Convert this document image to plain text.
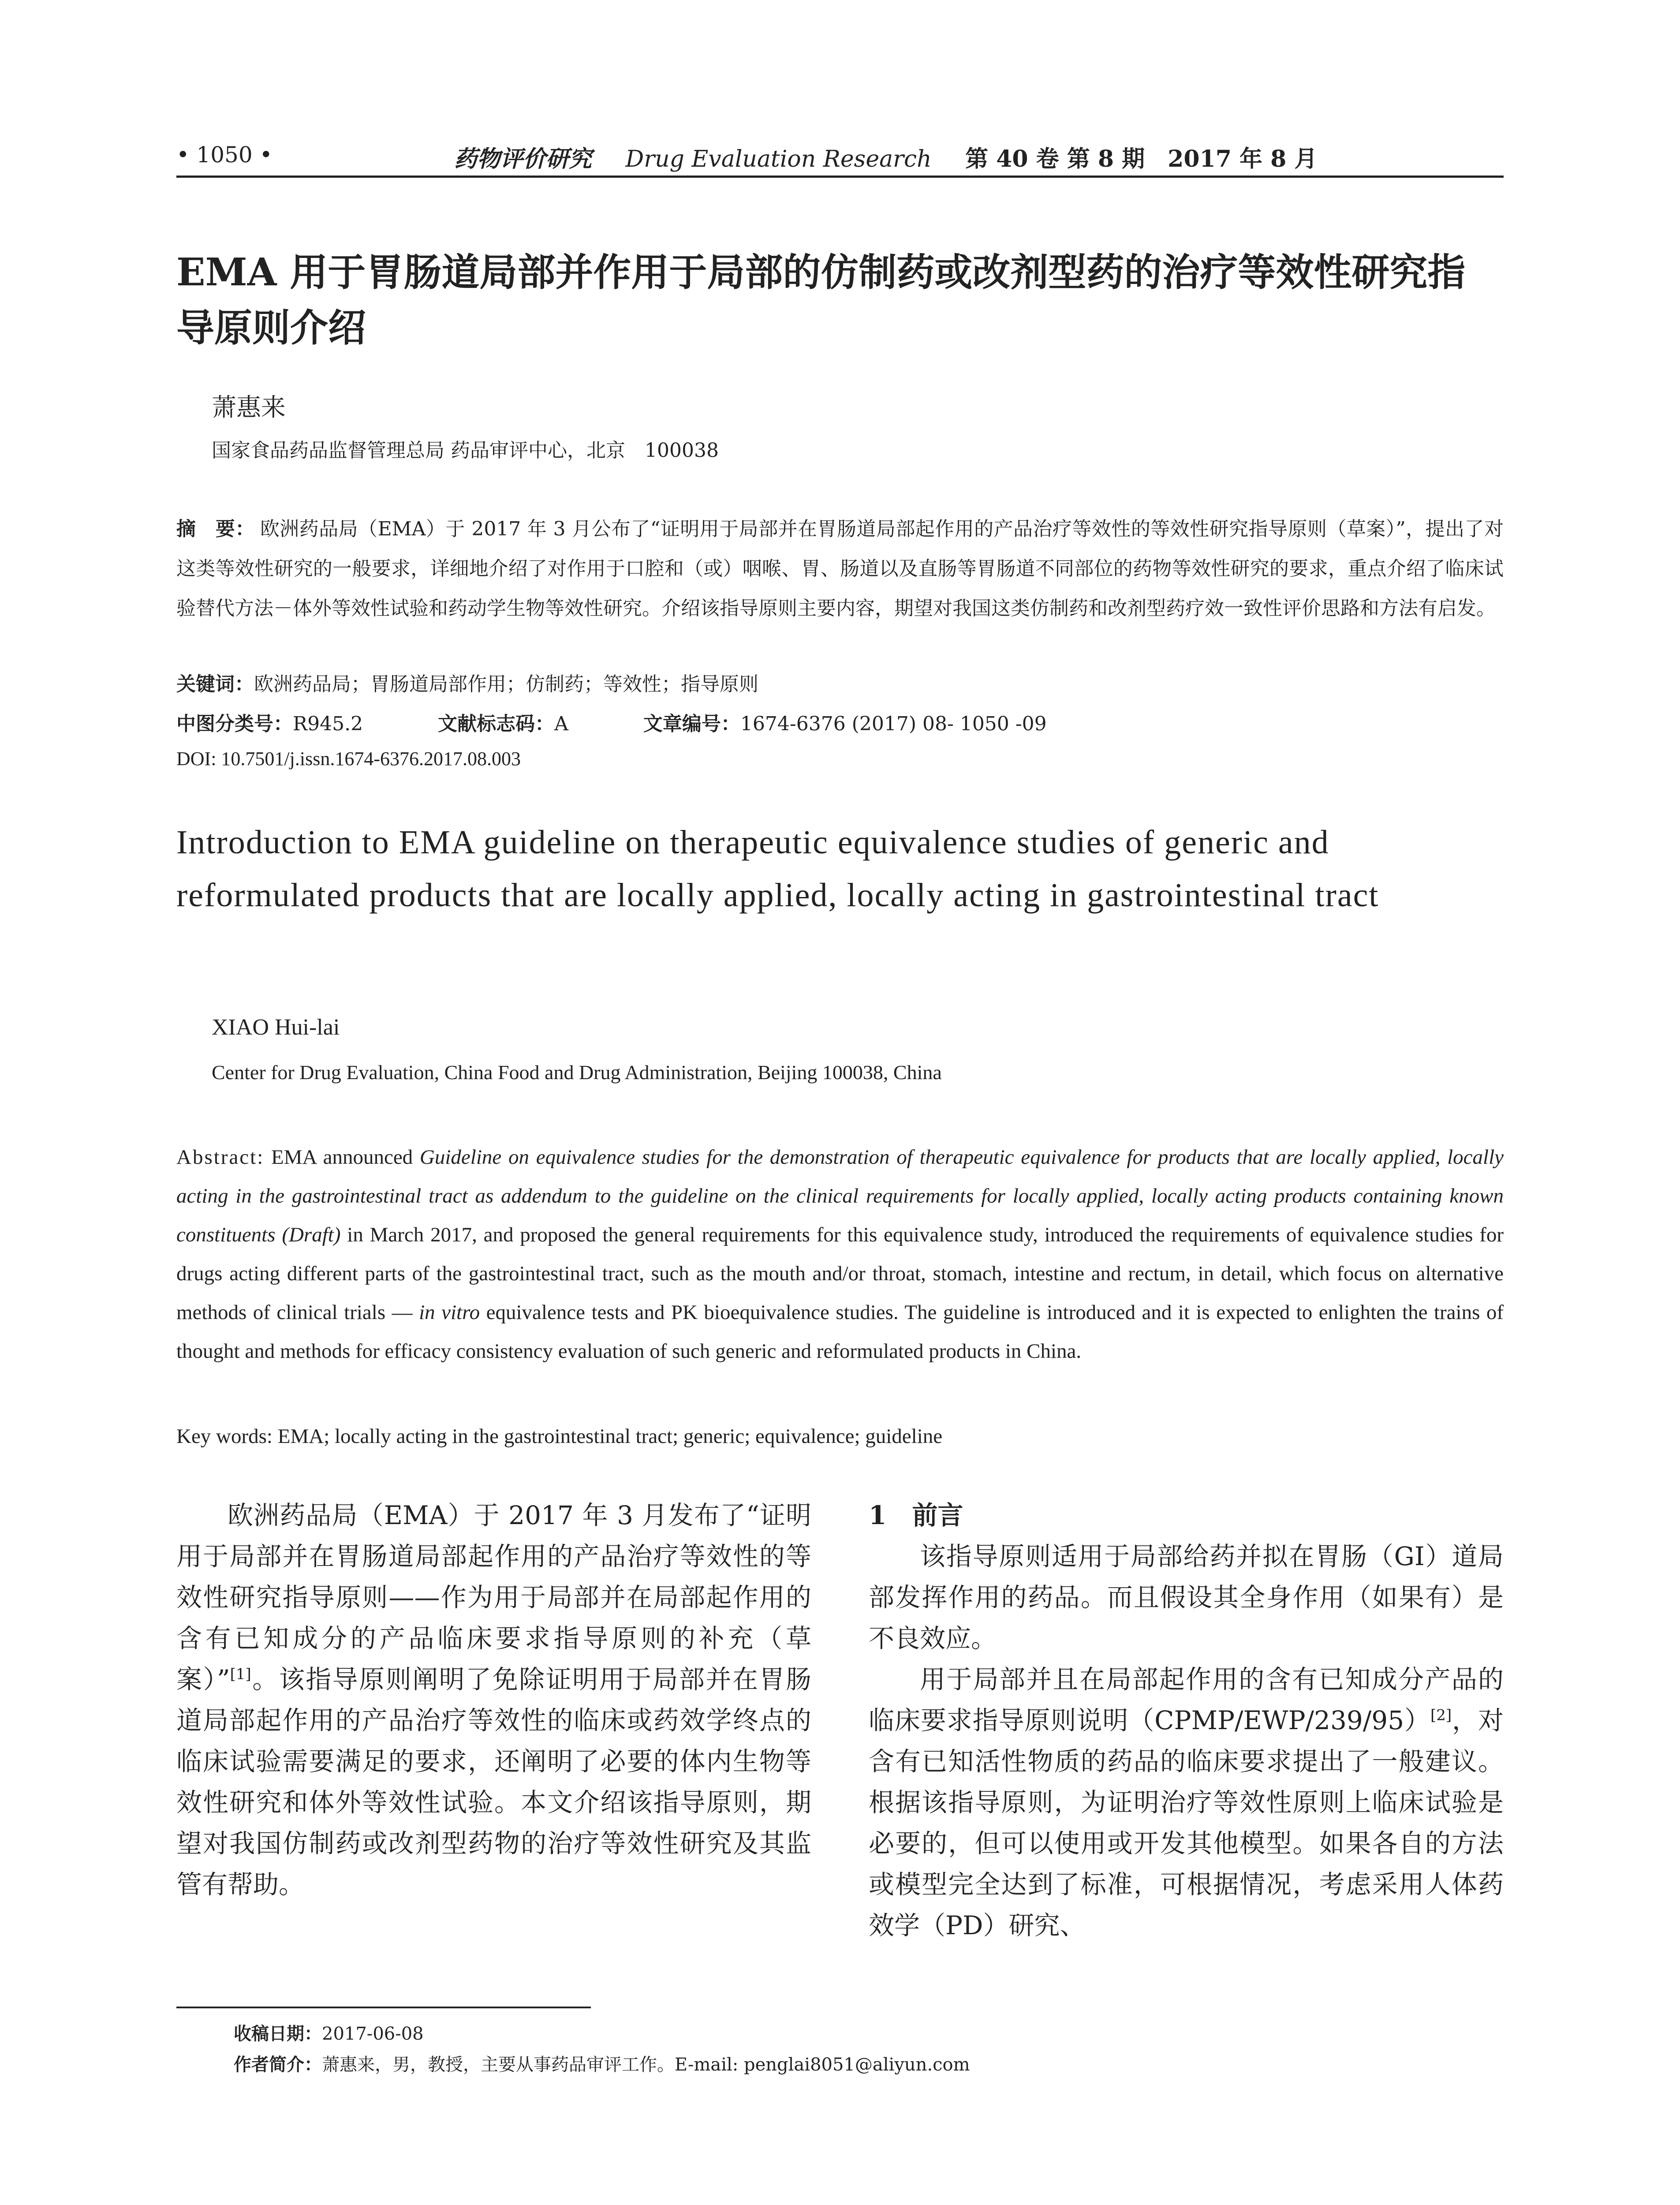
• 1050 •	药物评价研究 Drug Evaluation Research 第 40 卷 第 8 期　2017 年 8 月
EMA 用于胃肠道局部并作用于局部的仿制药或改剂型药的治疗等效性研究指导原则介绍
萧惠来
国家食品药品监督管理总局 药品审评中心，北京　100038
摘　要： 欧洲药品局（EMA）于 2017 年 3 月公布了“证明用于局部并在胃肠道局部起作用的产品治疗等效性的等效性研究指导原则（草案）”，提出了对这类等效性研究的一般要求，详细地介绍了对作用于口腔和（或）咽喉、胃、肠道以及直肠等胃肠道不同部位的药物等效性研究的要求，重点介绍了临床试验替代方法－体外等效性试验和药动学生物等效性研究。介绍该指导原则主要内容，期望对我国这类仿制药和改剂型药疗效一致性评价思路和方法有启发。
关键词：欧洲药品局；胃肠道局部作用；仿制药；等效性；指导原则
中图分类号：R945.2	文献标志码：A	文章编号：1674-6376 (2017) 08- 1050 -09
DOI: 10.7501/j.issn.1674-6376.2017.08.003
Introduction to EMA guideline on therapeutic equivalence studies of generic and reformulated products that are locally applied, locally acting in gastrointestinal tract
XIAO Hui-lai
Center for Drug Evaluation, China Food and Drug Administration, Beijing 100038, China
Abstract: EMA announced Guideline on equivalence studies for the demonstration of therapeutic equivalence for products that are locally applied, locally acting in the gastrointestinal tract as addendum to the guideline on the clinical requirements for locally applied, locally acting products containing known constituents (Draft) in March 2017, and proposed the general requirements for this equivalence study, introduced the requirements of equivalence studies for drugs acting different parts of the gastrointestinal tract, such as the mouth and/or throat, stomach, intestine and rectum, in detail, which focus on alternative methods of clinical trials — in vitro equivalence tests and PK bioequivalence studies. The guideline is introduced and it is expected to enlighten the trains of thought and methods for efficacy consistency evaluation of such generic and reformulated products in China.
Key words: EMA; locally acting in the gastrointestinal tract; generic; equivalence; guideline

欧洲药品局（EMA）于 2017 年 3 月发布了“证明用于局部并在胃肠道局部起作用的产品治疗等效性的等效性研究指导原则——作为用于局部并在局部起作用的含有已知成分的产品临床要求指导原则的补充（草案）”[1]。该指导原则阐明了免除证明用于局部并在胃肠道局部起作用的产品治疗等效性的临床或药效学终点的临床试验需要满足的要求，还阐明了必要的体内生物等效性研究和体外等效性试验。本文介绍该指导原则，期望对我国仿制药或改剂型药物的治疗等效性研究及其监管有帮助。

1　前言

该指导原则适用于局部给药并拟在胃肠（GI）道局部发挥作用的药品。而且假设其全身作用（如果有）是不良效应。

用于局部并且在局部起作用的含有已知成分产品的临床要求指导原则说明（CPMP/EWP/239/95）[2]，对含有已知活性物质的药品的临床要求提出了一般建议。根据该指导原则，为证明治疗等效性原则上临床试验是必要的，但可以使用或开发其他模型。如果各自的方法或模型完全达到了标准，可根据情况，考虑采用人体药效学（PD）研究、

收稿日期：2017-06-08
作者简介：萧惠来，男，教授，主要从事药品审评工作。E-mail: penglai8051@aliyun.com
